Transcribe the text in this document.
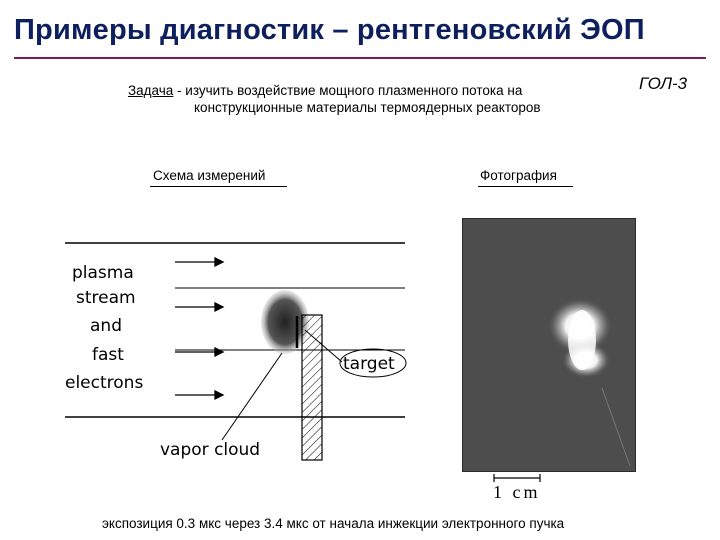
Примеры диагностик – рентгеновский ЭОП
Задача - изучить воздействие мощного плазменного потока на
конструкционные материалы термоядерных реакторов
ГОЛ-3
Схема измерений	Фотография
plasma
stream
and
fast
electrons
target
vapor cloud
1 cm
экспозиция 0.3 мкс через 3.4 мкс от начала инжекции электронного пучка
